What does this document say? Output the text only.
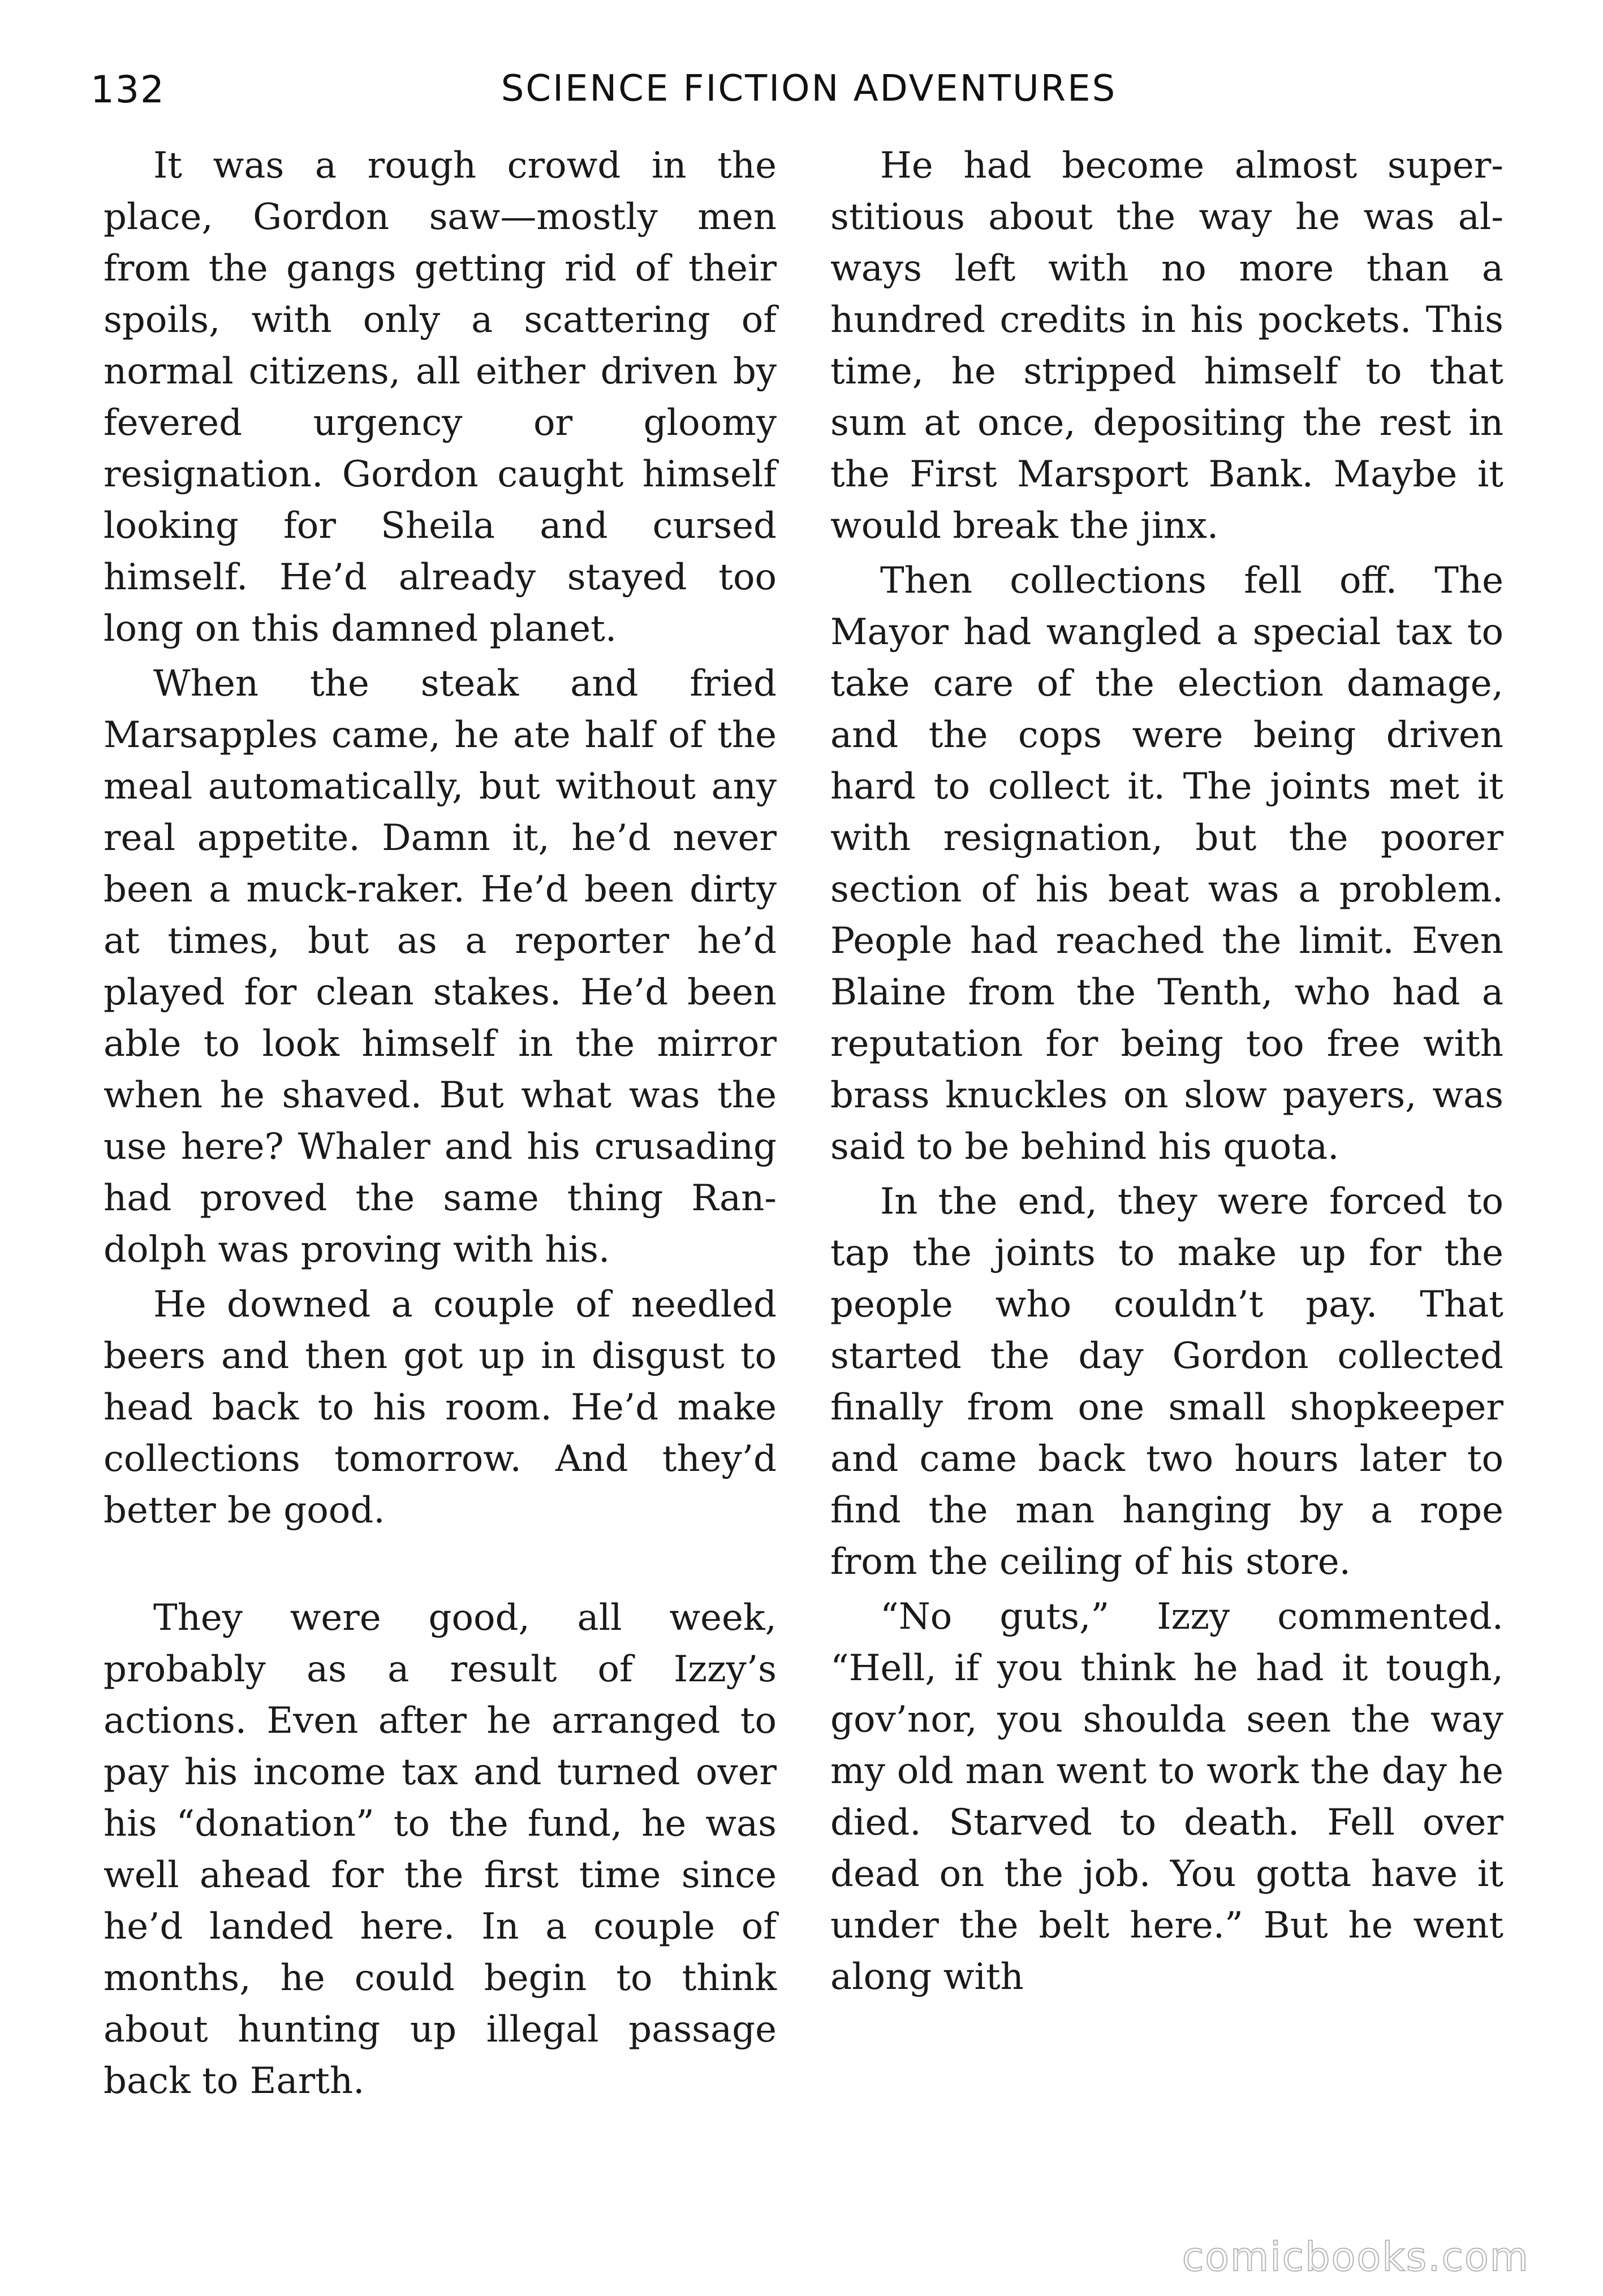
132	SCIENCE FICTION ADVENTURES

It was a rough crowd in the place, Gordon saw—mostly men from the gangs getting rid of their spoils, with only a scattering of normal citizens, all either driven by fevered urgency or gloomy resignation. Gordon caught himself looking for Sheila and cursed himself. He’d already stayed too long on this damned planet.

When the steak and fried Marsapples came, he ate half of the meal automatically, but without any real appetite. Damn it, he’d never been a muck-raker. He’d been dirty at times, but as a reporter he’d played for clean stakes. He’d been able to look himself in the mirror when he shaved. But what was the use here? Whaler and his crusading had proved the same thing Randolph was proving with his.

He downed a couple of needled beers and then got up in disgust to head back to his room. He’d make collections tomorrow. And they’d better be good.

They were good, all week, probably as a result of Izzy’s actions. Even after he arranged to pay his income tax and turned over his “donation” to the fund, he was well ahead for the first time since he’d landed here. In a couple of months, he could begin to think about hunting up illegal passage back to Earth.

He had become almost superstitious about the way he was always left with no more than a hundred credits in his pockets. This time, he stripped himself to that sum at once, depositing the rest in the First Marsport Bank. Maybe it would break the jinx.

Then collections fell off. The Mayor had wangled a special tax to take care of the election damage, and the cops were being driven hard to collect it. The joints met it with resignation, but the poorer section of his beat was a problem. People had reached the limit. Even Blaine from the Tenth, who had a reputation for being too free with brass knuckles on slow payers, was said to be behind his quota.

In the end, they were forced to tap the joints to make up for the people who couldn’t pay. That started the day Gordon collected finally from one small shopkeeper and came back two hours later to find the man hanging by a rope from the ceiling of his store.

“No guts,” Izzy commented. “Hell, if you think he had it tough, gov’nor, you shoulda seen the way my old man went to work the day he died. Starved to death. Fell over dead on the job. You gotta have it under the belt here.” But he went along with

comicbooks.com
